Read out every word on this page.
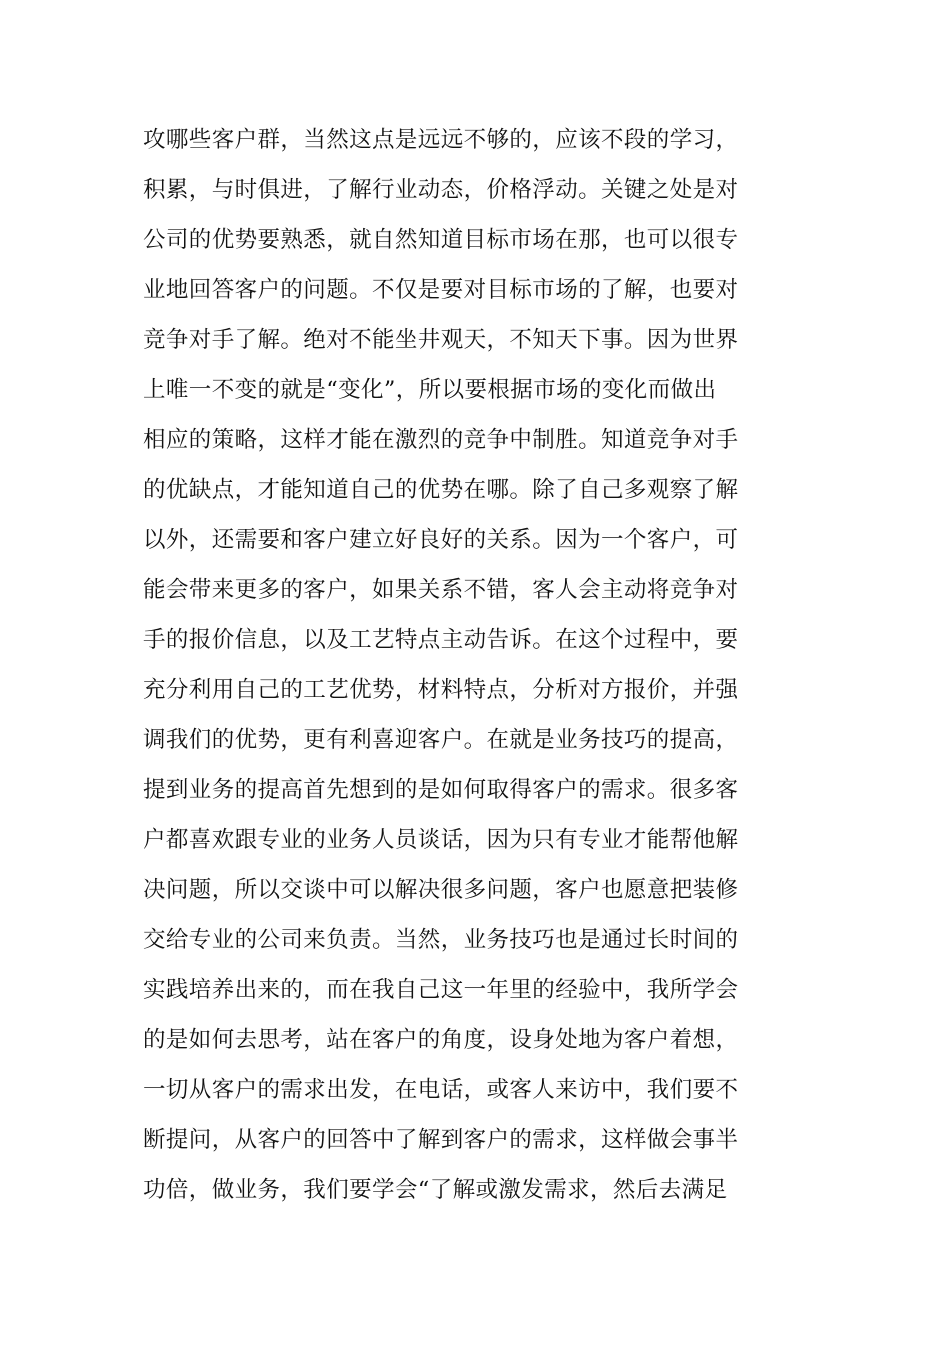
攻哪些客户群，当然这点是远远不够的，应该不段的学习，
积累，与时俱进，了解行业动态，价格浮动。关键之处是对
公司的优势要熟悉，就自然知道目标市场在那，也可以很专
业地回答客户的问题。不仅是要对目标市场的了解，也要对
竞争对手了解。绝对不能坐井观天，不知天下事。因为世界
上唯一不变的就是“变化”，所以要根据市场的变化而做出
相应的策略，这样才能在激烈的竞争中制胜。知道竞争对手
的优缺点，才能知道自己的优势在哪。除了自己多观察了解
以外，还需要和客户建立好良好的关系。因为一个客户，可
能会带来更多的客户，如果关系不错，客人会主动将竞争对
手的报价信息，以及工艺特点主动告诉。在这个过程中，要
充分利用自己的工艺优势，材料特点，分析对方报价，并强
调我们的优势，更有利喜迎客户。在就是业务技巧的提高，
提到业务的提高首先想到的是如何取得客户的需求。很多客
户都喜欢跟专业的业务人员谈话，因为只有专业才能帮他解
决问题，所以交谈中可以解决很多问题，客户也愿意把装修
交给专业的公司来负责。当然，业务技巧也是通过长时间的
实践培养出来的，而在我自己这一年里的经验中，我所学会
的是如何去思考，站在客户的角度，设身处地为客户着想，
一切从客户的需求出发，在电话，或客人来访中，我们要不
断提问，从客户的回答中了解到客户的需求，这样做会事半
功倍，做业务，我们要学会“了解或激发需求，然后去满足
